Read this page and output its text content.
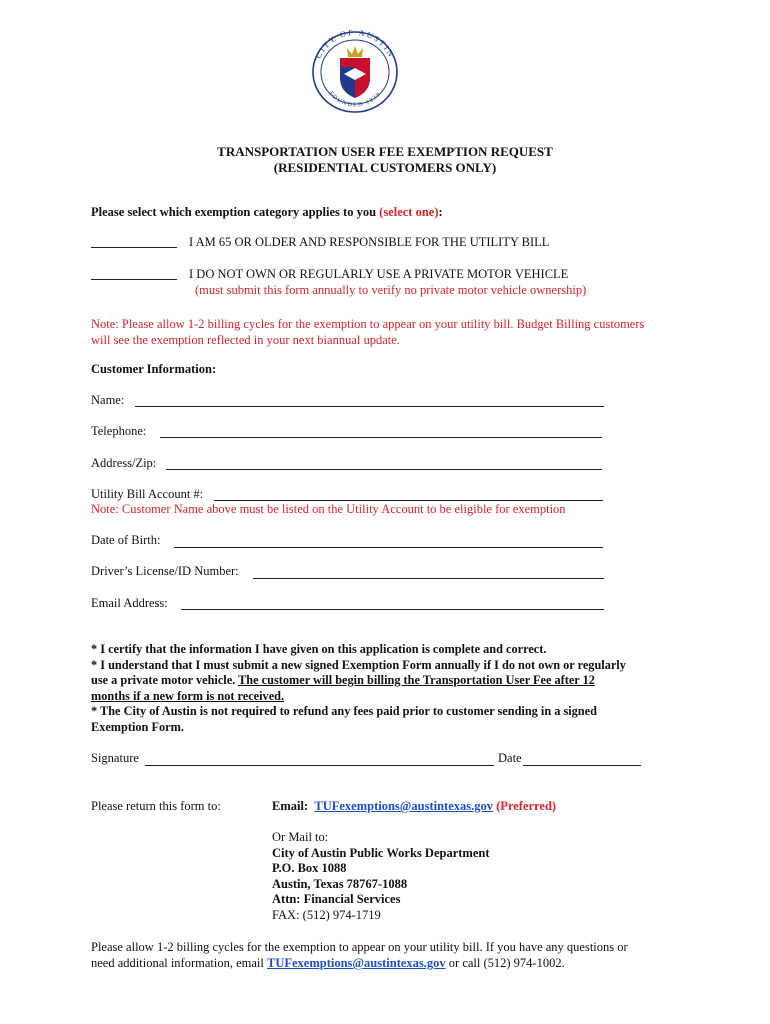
CITY OF AUSTIN
FOUNDED 1839
TRANSPORTATION USER FEE EXEMPTION REQUEST
(RESIDENTIAL CUSTOMERS ONLY)
Please select which exemption category applies to you (select one):
I AM 65 OR OLDER AND RESPONSIBLE FOR THE UTILITY BILL
I DO NOT OWN OR REGULARLY USE A PRIVATE MOTOR VEHICLE
(must submit this form annually to verify no private motor vehicle ownership)
Note: Please allow 1-2 billing cycles for the exemption to appear on your utility bill. Budget Billing customers
will see the exemption reflected in your next biannual update.
Customer Information:
Name:
Telephone:
Address/Zip:
Utility Bill Account #:
Note: Customer Name above must be listed on the Utility Account to be eligible for exemption
Date of Birth:
Driver’s License/ID Number:
Email Address:
* I certify that the information I have given on this application is complete and correct.
* I understand that I must submit a new signed Exemption Form annually if I do not own or regularly
use a private motor vehicle. The customer will begin billing the Transportation User Fee after 12
months if a new form is not received.
* The City of Austin is not required to refund any fees paid prior to customer sending in a signed
Exemption Form.
Signature	Date
Please return this form to:	Email: TUFexemptions@austintexas.gov (Preferred)
Or Mail to:
City of Austin Public Works Department
P.O. Box 1088
Austin, Texas 78767-1088
Attn: Financial Services
FAX: (512) 974-1719
Please allow 1-2 billing cycles for the exemption to appear on your utility bill. If you have any questions or
need additional information, email TUFexemptions@austintexas.gov or call (512) 974-1002.
